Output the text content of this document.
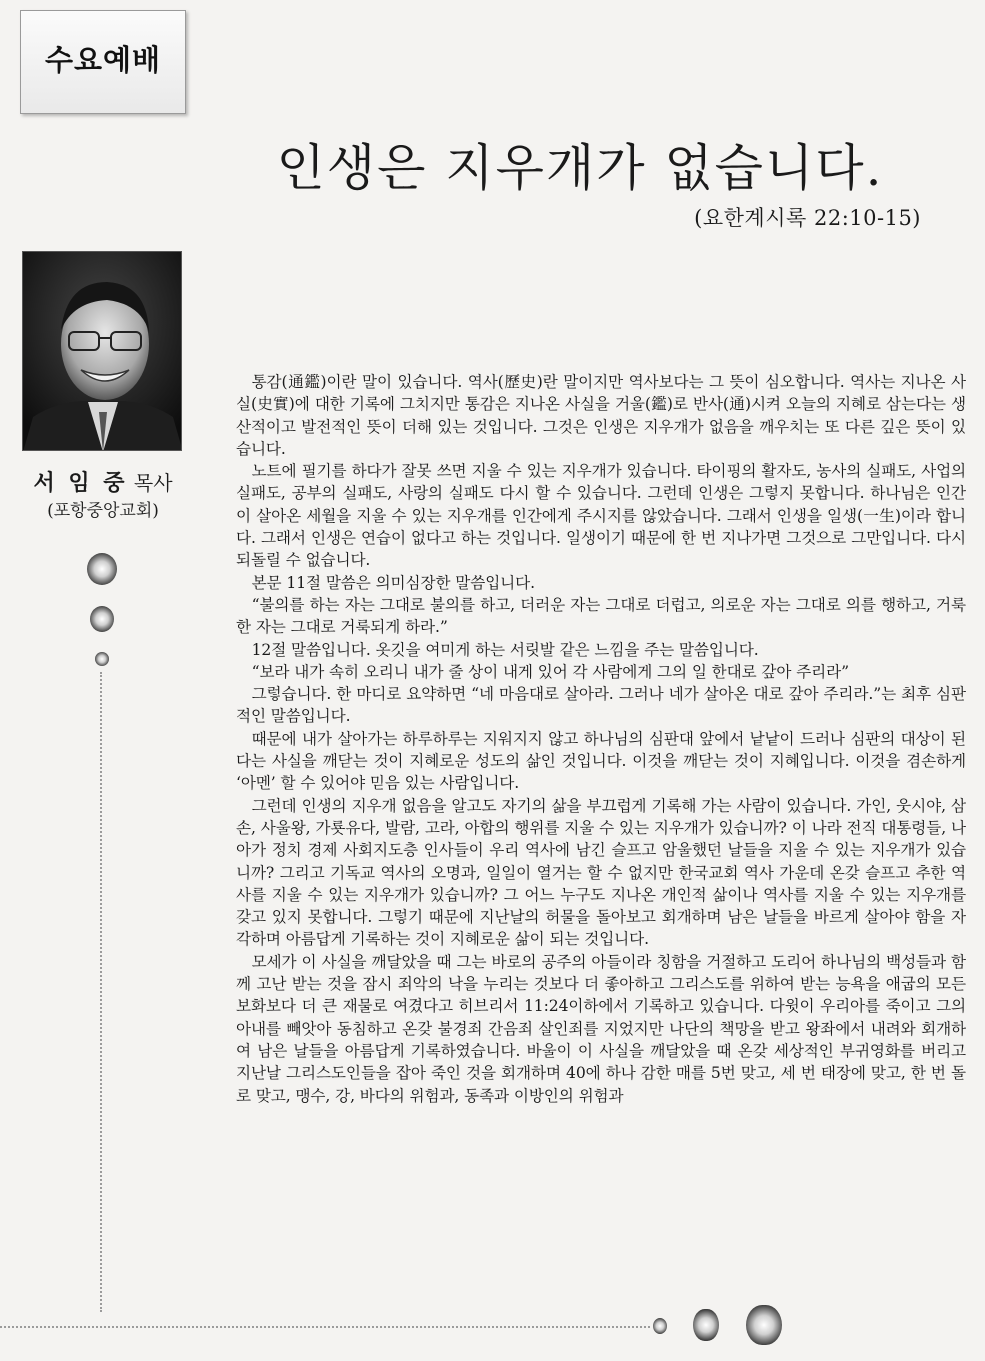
수요예배
인생은 지우개가 없습니다.
(요한계시록 22:10-15)
서 임 중 목사
(포항중앙교회)

통감(通鑑)이란 말이 있습니다. 역사(歷史)란 말이지만 역사보다는 그 뜻이 심오합니다. 역사는 지나온 사실(史實)에 대한 기록에 그치지만 통감은 지나온 사실을 거울(鑑)로 반사(通)시켜 오늘의 지혜로 삼는다는 생산적이고 발전적인 뜻이 더해 있는 것입니다. 그것은 인생은 지우개가 없음을 깨우치는 또 다른 깊은 뜻이 있습니다.

노트에 필기를 하다가 잘못 쓰면 지울 수 있는 지우개가 있습니다. 타이핑의 활자도, 농사의 실패도, 사업의 실패도, 공부의 실패도, 사랑의 실패도 다시 할 수 있습니다. 그런데 인생은 그렇지 못합니다. 하나님은 인간이 살아온 세월을 지울 수 있는 지우개를 인간에게 주시지를 않았습니다. 그래서 인생을 일생(一生)이라 합니다. 그래서 인생은 연습이 없다고 하는 것입니다. 일생이기 때문에 한 번 지나가면 그것으로 그만입니다. 다시 되돌릴 수 없습니다.

본문 11절 말씀은 의미심장한 말씀입니다.

“불의를 하는 자는 그대로 불의를 하고, 더러운 자는 그대로 더럽고, 의로운 자는 그대로 의를 행하고, 거룩한 자는 그대로 거룩되게 하라.”

12절 말씀입니다. 옷깃을 여미게 하는 서릿발 같은 느낌을 주는 말씀입니다.

“보라 내가 속히 오리니 내가 줄 상이 내게 있어 각 사람에게 그의 일 한대로 갚아 주리라”

그렇습니다. 한 마디로 요약하면 “네 마음대로 살아라. 그러나 네가 살아온 대로 갚아 주리라.”는 최후 심판적인 말씀입니다.

때문에 내가 살아가는 하루하루는 지워지지 않고 하나님의 심판대 앞에서 낱낱이 드러나 심판의 대상이 된다는 사실을 깨닫는 것이 지혜로운 성도의 삶인 것입니다. 이것을 깨닫는 것이 지혜입니다. 이것을 겸손하게 ‘아멘’ 할 수 있어야 믿음 있는 사람입니다.

그런데 인생의 지우개 없음을 알고도 자기의 삶을 부끄럽게 기록해 가는 사람이 있습니다. 가인, 웃시야, 삼손, 사울왕, 가룟유다, 발람, 고라, 아합의 행위를 지울 수 있는 지우개가 있습니까? 이 나라 전직 대통령들, 나아가 정치 경제 사회지도층 인사들이 우리 역사에 남긴 슬프고 암울했던 날들을 지울 수 있는 지우개가 있습니까? 그리고 기독교 역사의 오명과, 일일이 열거는 할 수 없지만 한국교회 역사 가운데 온갖 슬프고 추한 역사를 지울 수 있는 지우개가 있습니까? 그 어느 누구도 지나온 개인적 삶이나 역사를 지울 수 있는 지우개를 갖고 있지 못합니다. 그렇기 때문에 지난날의 허물을 돌아보고 회개하며 남은 날들을 바르게 살아야 함을 자각하며 아름답게 기록하는 것이 지혜로운 삶이 되는 것입니다.

모세가 이 사실을 깨달았을 때 그는 바로의 공주의 아들이라 칭함을 거절하고 도리어 하나님의 백성들과 함께 고난 받는 것을 잠시 죄악의 낙을 누리는 것보다 더 좋아하고 그리스도를 위하여 받는 능욕을 애굽의 모든 보화보다 더 큰 재물로 여겼다고 히브리서 11:24이하에서 기록하고 있습니다. 다윗이 우리아를 죽이고 그의 아내를 빼앗아 동침하고 온갖 불경죄 간음죄 살인죄를 지었지만 나단의 책망을 받고 왕좌에서 내려와 회개하여 남은 날들을 아름답게 기록하였습니다. 바울이 이 사실을 깨달았을 때 온갖 세상적인 부귀영화를 버리고 지난날 그리스도인들을 잡아 죽인 것을 회개하며 40에 하나 감한 매를 5번 맞고, 세 번 태장에 맞고, 한 번 돌로 맞고, 맹수, 강, 바다의 위험과, 동족과 이방인의 위험과
